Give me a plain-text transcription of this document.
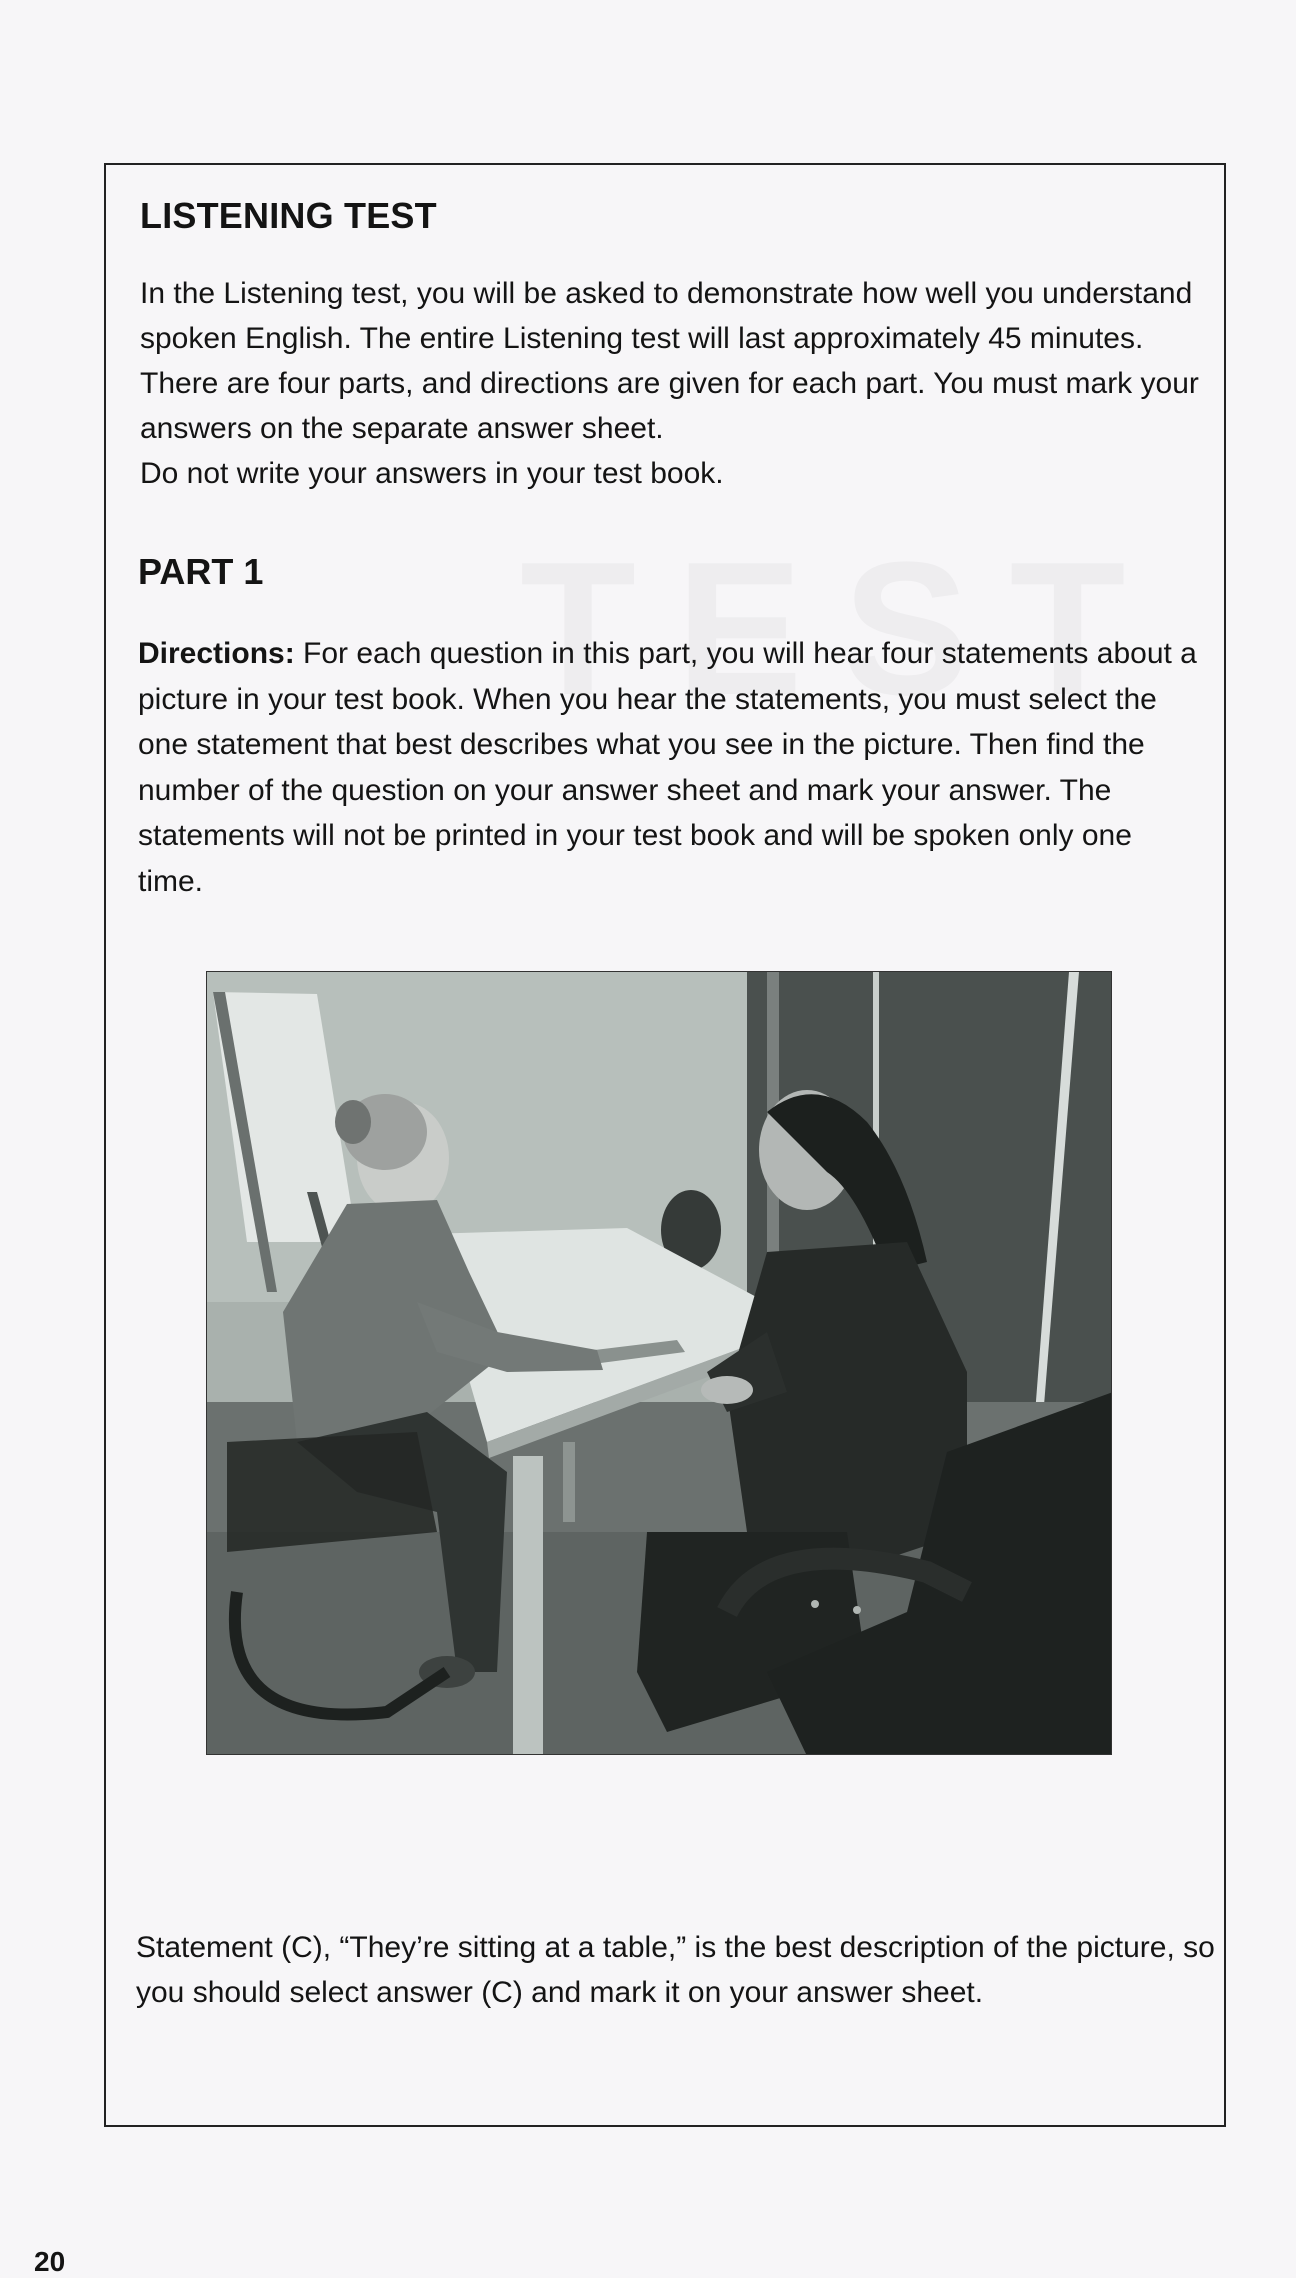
LISTENING TEST

In the Listening test, you will be asked to demonstrate how well you understand spoken English. The entire Listening test will last approximately 45 minutes. There are four parts, and directions are given for each part. You must mark your answers on the separate answer sheet.

Do not write your answers in your test book.

PART 1

Directions: For each question in this part, you will hear four statements about a picture in your test book. When you hear the statements, you must select the one statement that best describes what you see in the picture. Then find the number of the question on your answer sheet and mark your answer. The statements will not be printed in your test book and will be spoken only one time.

Statement (C), “They’re sitting at a table,” is the best description of the picture, so you should select answer (C) and mark it on your answer sheet.

20
